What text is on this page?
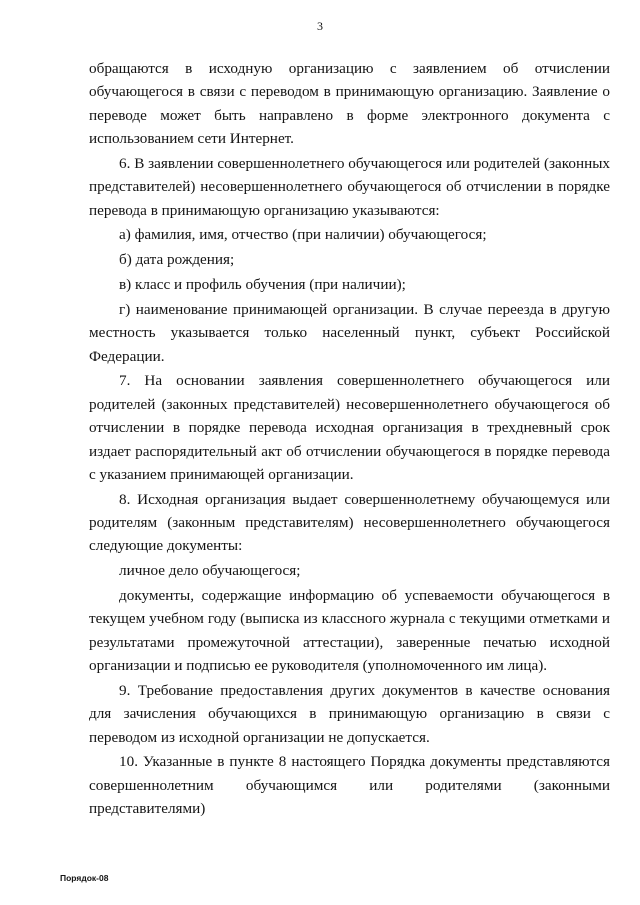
3

обращаются в исходную организацию с заявлением об отчислении обучающегося в связи с переводом в принимающую организацию. Заявление о переводе может быть направлено в форме электронного документа с использованием сети Интернет.

6. В заявлении совершеннолетнего обучающегося или родителей (законных представителей) несовершеннолетнего обучающегося об отчислении в порядке перевода в принимающую организацию указываются:

а) фамилия, имя, отчество (при наличии) обучающегося;

б) дата рождения;

в) класс и профиль обучения (при наличии);

г) наименование принимающей организации. В случае переезда в другую местность указывается только населенный пункт, субъект Российской Федерации.

7. На основании заявления совершеннолетнего обучающегося или родителей (законных представителей) несовершеннолетнего обучающегося об отчислении в порядке перевода исходная организация в трехдневный срок издает распорядительный акт об отчислении обучающегося в порядке перевода с указанием принимающей организации.

8. Исходная организация выдает совершеннолетнему обучающемуся или родителям (законным представителям) несовершеннолетнего обучающегося следующие документы:

личное дело обучающегося;

документы, содержащие информацию об успеваемости обучающегося в текущем учебном году (выписка из классного журнала с текущими отметками и результатами промежуточной аттестации), заверенные печатью исходной организации и подписью ее руководителя (уполномоченного им лица).

9. Требование предоставления других документов в качестве основания для зачисления обучающихся в принимающую организацию в связи с переводом из исходной организации не допускается.

10. Указанные в пункте 8 настоящего Порядка документы представляются совершеннолетним обучающимся или родителями (законными представителями)

Порядок-08
